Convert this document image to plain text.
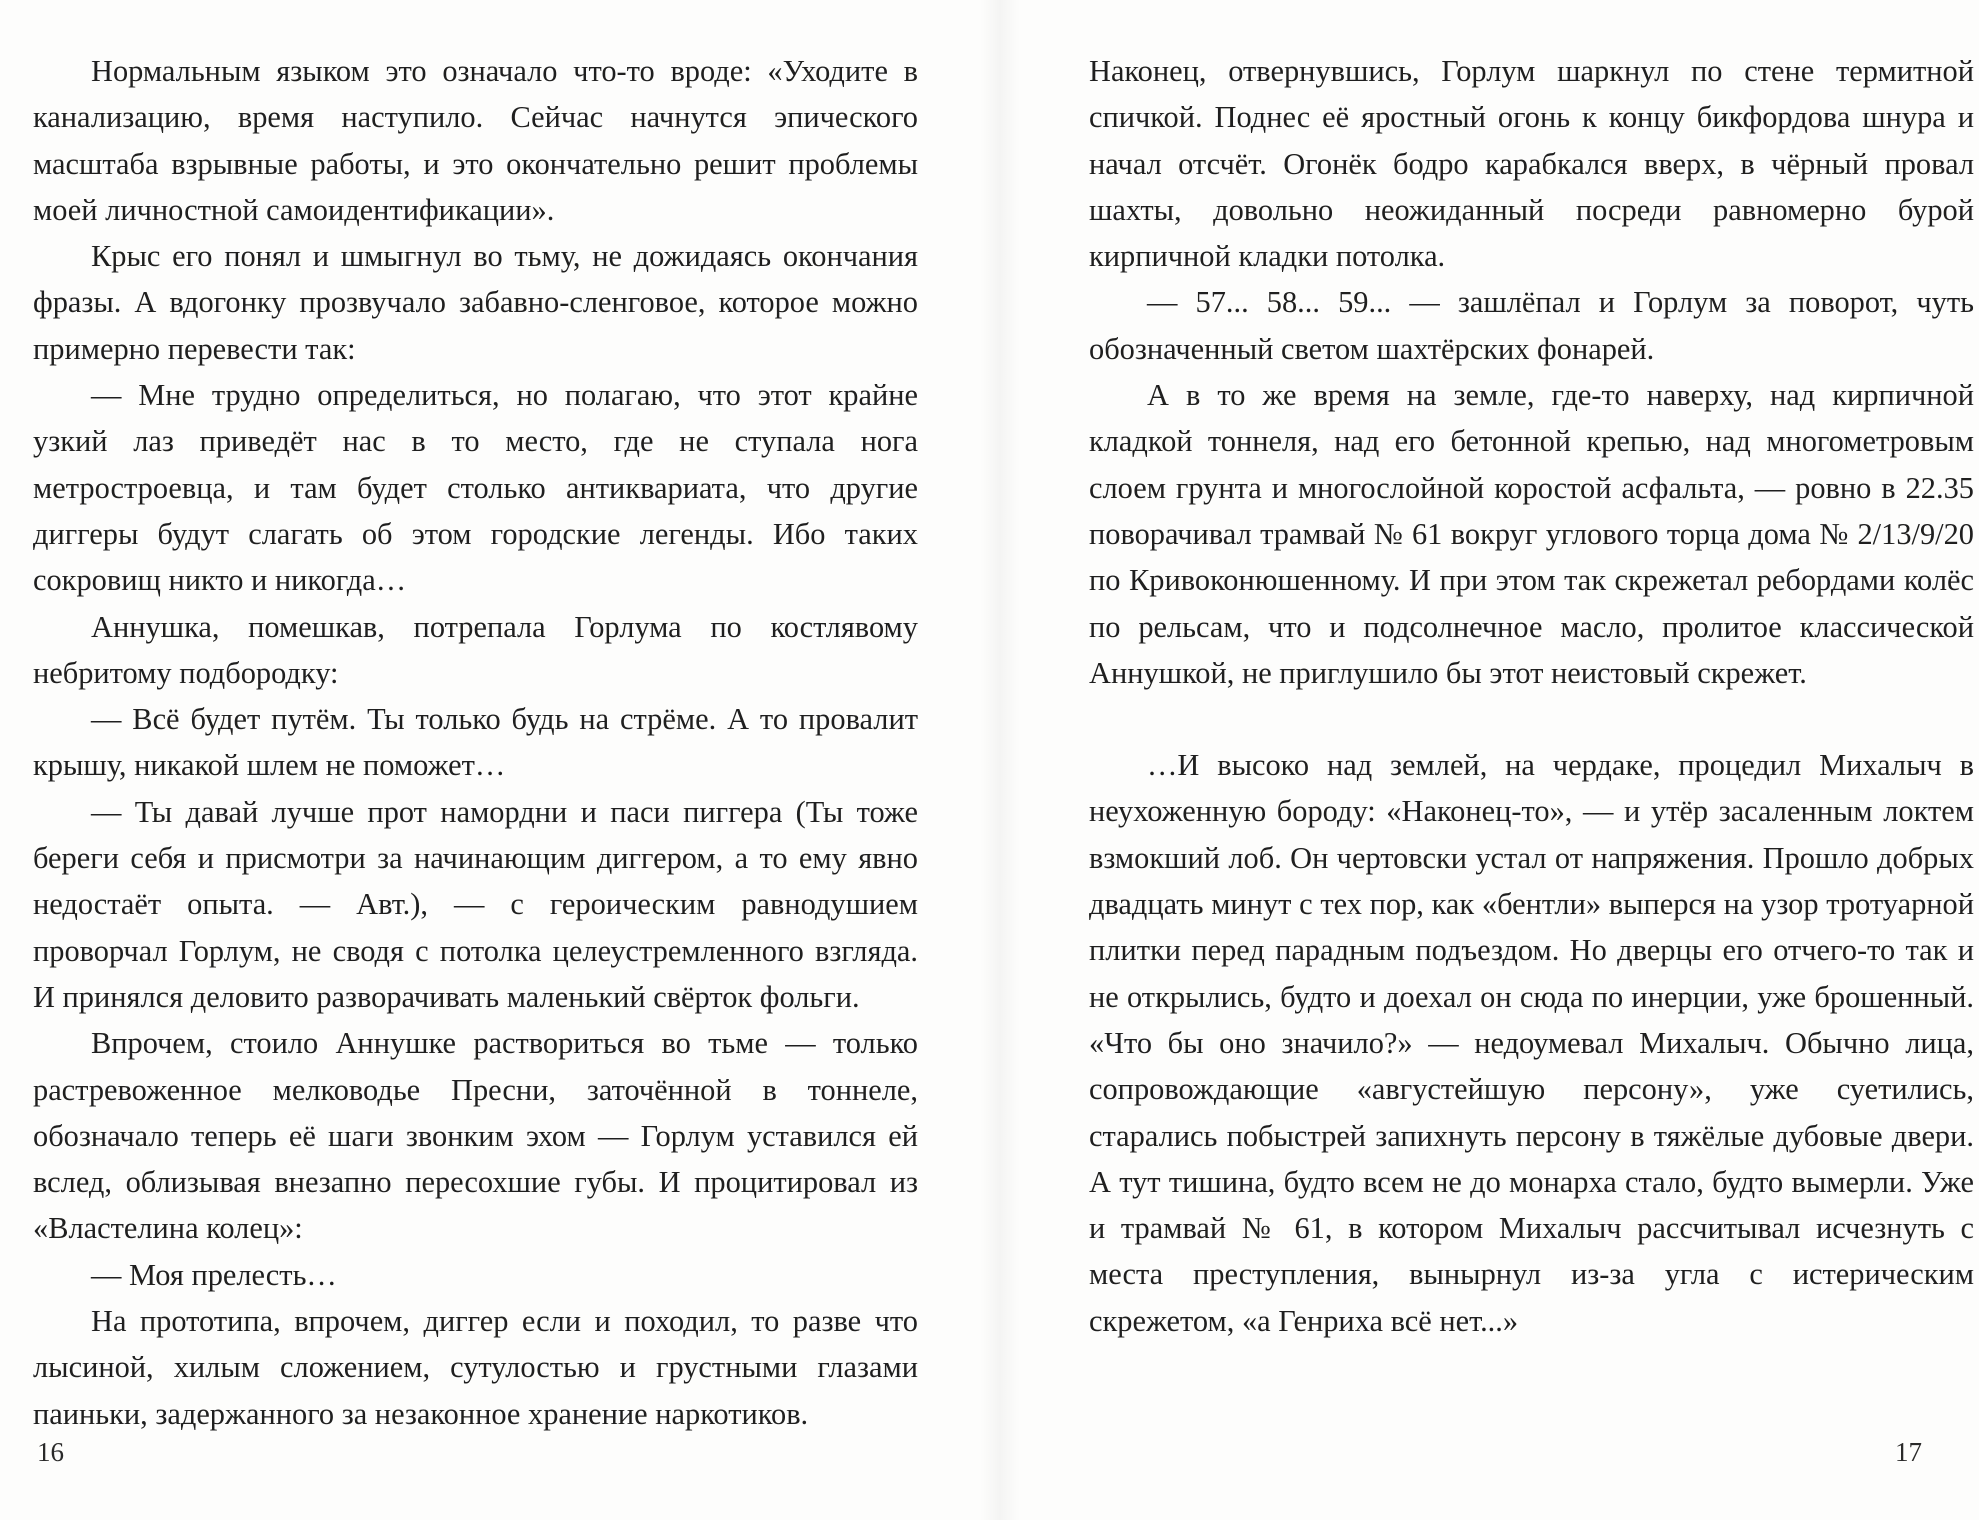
Нормальным языком это означало что-то вроде: «Уходите в канализацию, время наступило. Сейчас начнутся эпического масштаба взрывные работы, и это окончательно решит проблемы моей личностной самоидентификации».

Крыс его понял и шмыгнул во тьму, не дожидаясь окончания фразы. А вдогонку прозвучало забавно-сленговое, которое можно примерно перевести так:

— Мне трудно определиться, но полагаю, что этот крайне узкий лаз приведёт нас в то место, где не ступала нога метростроевца, и там будет столько антиквариата, что другие диггеры будут слагать об этом городские легенды. Ибо таких сокровищ никто и никогда…

Аннушка, помешкав, потрепала Горлума по костлявому небритому подбородку:

— Всё будет путём. Ты только будь на стрёме. А то провалит крышу, никакой шлем не поможет…

— Ты давай лучше прот намордни и паси пиггера (Ты тоже береги себя и присмотри за начинающим диггером, а то ему явно недостаёт опыта. — Авт.), — с героическим равнодушием проворчал Горлум, не сводя с потолка целеустремленного взгляда. И принялся деловито разворачивать маленький свёрток фольги.

Впрочем, стоило Аннушке раствориться во тьме — только растревоженное мелководье Пресни, заточённой в тоннеле, обозначало теперь её шаги звонким эхом — Горлум уставился ей вслед, облизывая внезапно пересохшие губы. И процитировал из «Властелина колец»:

— Моя прелесть…

На прототипа, впрочем, диггер если и походил, то разве что лысиной, хилым сложением, сутулостью и грустными глазами паиньки, задержанного за незаконное хранение наркотиков.

16

Наконец, отвернувшись, Горлум шаркнул по стене термитной спичкой. Поднес её яростный огонь к концу бикфордова шнура и начал отсчёт. Огонёк бодро карабкался вверх, в чёрный провал шахты, довольно неожиданный посреди равномерно бурой кирпичной кладки потолка.

— 57... 58... 59... — зашлёпал и Горлум за поворот, чуть обозначенный светом шахтёрских фонарей.

А в то же время на земле, где-то наверху, над кирпичной кладкой тоннеля, над его бетонной крепью, над многометровым слоем грунта и многослойной коростой асфальта, — ровно в 22.35 поворачивал трамвай № 61 вокруг углового торца дома № 2/13/9/20 по Кривоконюшенному. И при этом так скрежетал ребордами колёс по рельсам, что и подсолнечное масло, пролитое классической Аннушкой, не приглушило бы этот неистовый скрежет.

…И высоко над землей, на чердаке, процедил Михалыч в неухоженную бороду: «Наконец-то», — и утёр засаленным локтем взмокший лоб. Он чертовски устал от напряжения. Прошло добрых двадцать минут с тех пор, как «бентли» выперся на узор тротуарной плитки перед парадным подъездом. Но дверцы его отчего-то так и не открылись, будто и доехал он сюда по инерции, уже брошенный. «Что бы оно значило?» — недоумевал Михалыч. Обычно лица, сопровождающие «августейшую персону», уже суетились, старались побыстрей запихнуть персону в тяжёлые дубовые двери. А тут тишина, будто всем не до монарха стало, будто вымерли. Уже и трамвай № 61, в котором Михалыч рассчитывал исчезнуть с места преступления, вынырнул из-за угла с истерическим скрежетом, «а Генриха всё нет...»

17
